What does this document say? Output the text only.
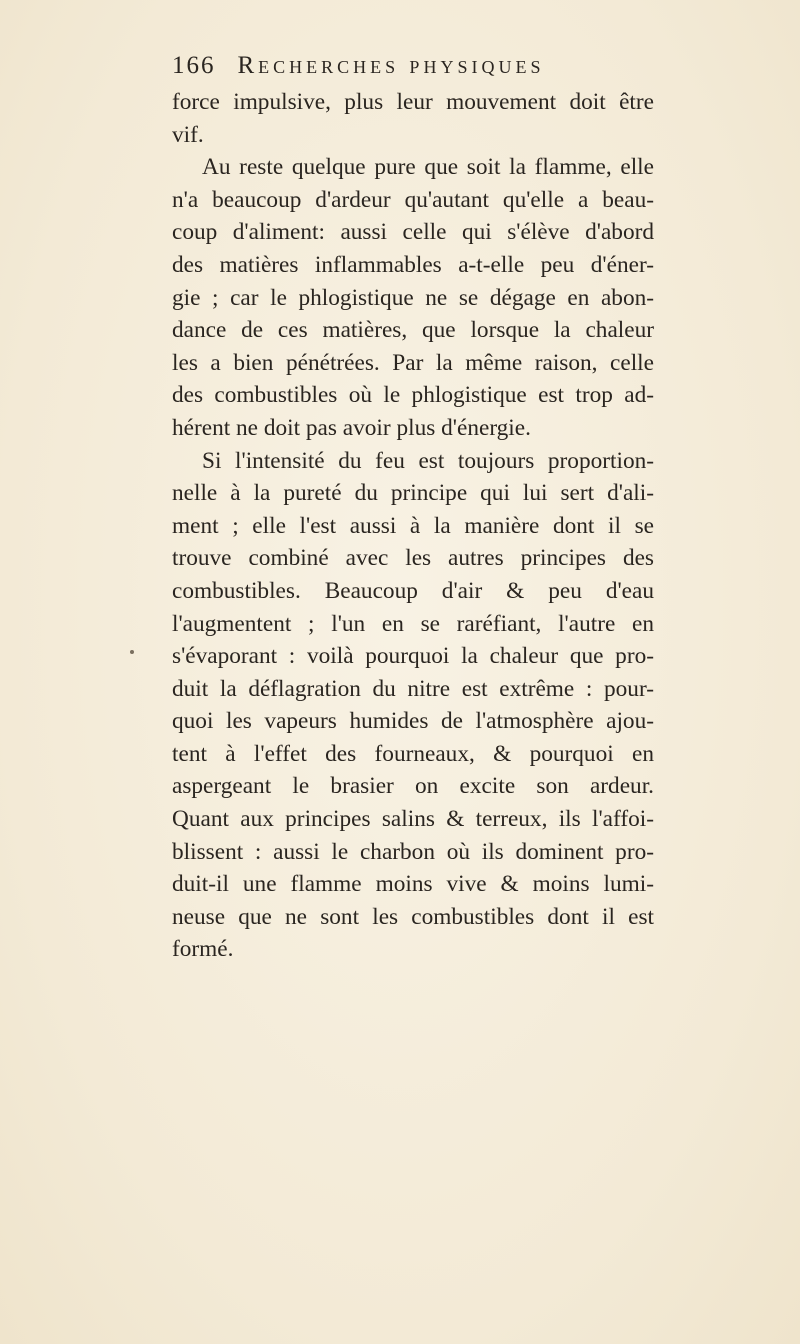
166 Recherches physiques
force impulsive, plus leur mouvement doit être
vif.
Au reste quelque pure que soit la flamme, elle
n'a beaucoup d'ardeur qu'autant qu'elle a beau-
coup d'aliment: aussi celle qui s'élève d'abord
des matières inflammables a-t-elle peu d'éner-
gie ; car le phlogistique ne se dégage en abon-
dance de ces matières, que lorsque la chaleur
les a bien pénétrées. Par la même raison, celle
des combustibles où le phlogistique est trop ad-
hérent ne doit pas avoir plus d'énergie.
Si l'intensité du feu est toujours proportion-
nelle à la pureté du principe qui lui sert d'ali-
ment ; elle l'est aussi à la manière dont il se
trouve combiné avec les autres principes des
combustibles. Beaucoup d'air & peu d'eau
l'augmentent ; l'un en se raréfiant, l'autre en
s'évaporant : voilà pourquoi la chaleur que pro-
duit la déflagration du nitre est extrême : pour-
quoi les vapeurs humides de l'atmosphère ajou-
tent à l'effet des fourneaux, & pourquoi en
aspergeant le brasier on excite son ardeur.
Quant aux principes salins & terreux, ils l'affoi-
blissent : aussi le charbon où ils dominent pro-
duit-il une flamme moins vive & moins lumi-
neuse que ne sont les combustibles dont il est
formé.
